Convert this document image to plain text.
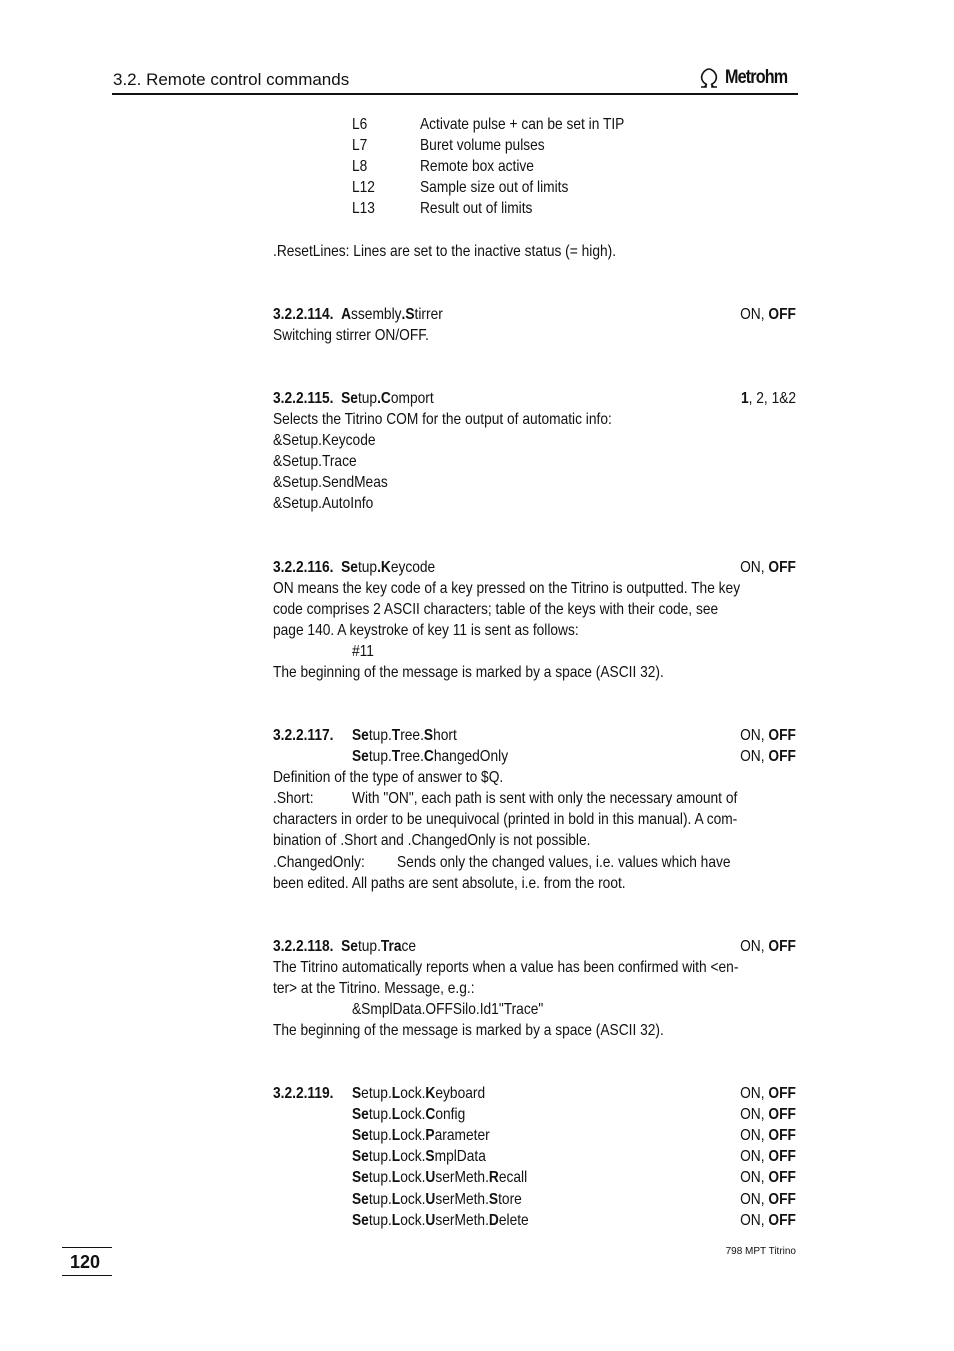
3.2. Remote control commands	Metrohm
L6	Activate pulse + can be set in TIP
L7	Buret volume pulses
L8	Remote box active
L12	Sample size out of limits
L13	Result out of limits
.ResetLines: Lines are set to the inactive status (= high).
3.2.2.114. Assembly.Stirrer	ON, OFF
Switching stirrer ON/OFF.
3.2.2.115. Setup.Comport	1, 2, 1&2
Selects the Titrino COM for the output of automatic info:
&Setup.Keycode
&Setup.Trace
&Setup.SendMeas
&Setup.AutoInfo
3.2.2.116. Setup.Keycode	ON, OFF
ON means the key code of a key pressed on the Titrino is outputted. The key
code comprises 2 ASCII characters; table of the keys with their code, see
page 140. A keystroke of key 11 is sent as follows:
#11
The beginning of the message is marked by a space (ASCII 32).
3.2.2.117. Setup.Tree.Short	ON, OFF
Setup.Tree.ChangedOnly	ON, OFF
Definition of the type of answer to $Q.
.Short: With "ON", each path is sent with only the necessary amount of
characters in order to be unequivocal (printed in bold in this manual). A com-
bination of .Short and .ChangedOnly is not possible.
.ChangedOnly: Sends only the changed values, i.e. values which have
been edited. All paths are sent absolute, i.e. from the root.
3.2.2.118. Setup.Trace	ON, OFF
The Titrino automatically reports when a value has been confirmed with <en-
ter> at the Titrino. Message, e.g.:
&SmplData.OFFSilo.Id1"Trace"
The beginning of the message is marked by a space (ASCII 32).
3.2.2.119. Setup.Lock.Keyboard	ON, OFF
Setup.Lock.Config	ON, OFF
Setup.Lock.Parameter	ON, OFF
Setup.Lock.SmplData	ON, OFF
Setup.Lock.UserMeth.Recall	ON, OFF
Setup.Lock.UserMeth.Store	ON, OFF
Setup.Lock.UserMeth.Delete	ON, OFF
120
798 MPT Titrino
